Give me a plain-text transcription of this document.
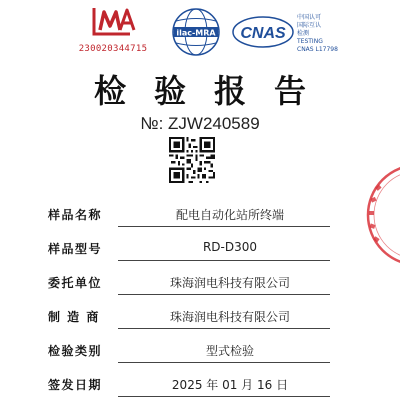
230020344715
ilac-MRA CNAS
中国认可
国际互认
检测
TESTING
CNAS L17798
检验报告
№: ZJW240589
样品名称	配电自动化站所终端
样品型号	RD-D300
委托单位	珠海润电科技有限公司
制 造 商	珠海润电科技有限公司
检验类别	型式检验
签发日期	2025 年 01 月 16 日
